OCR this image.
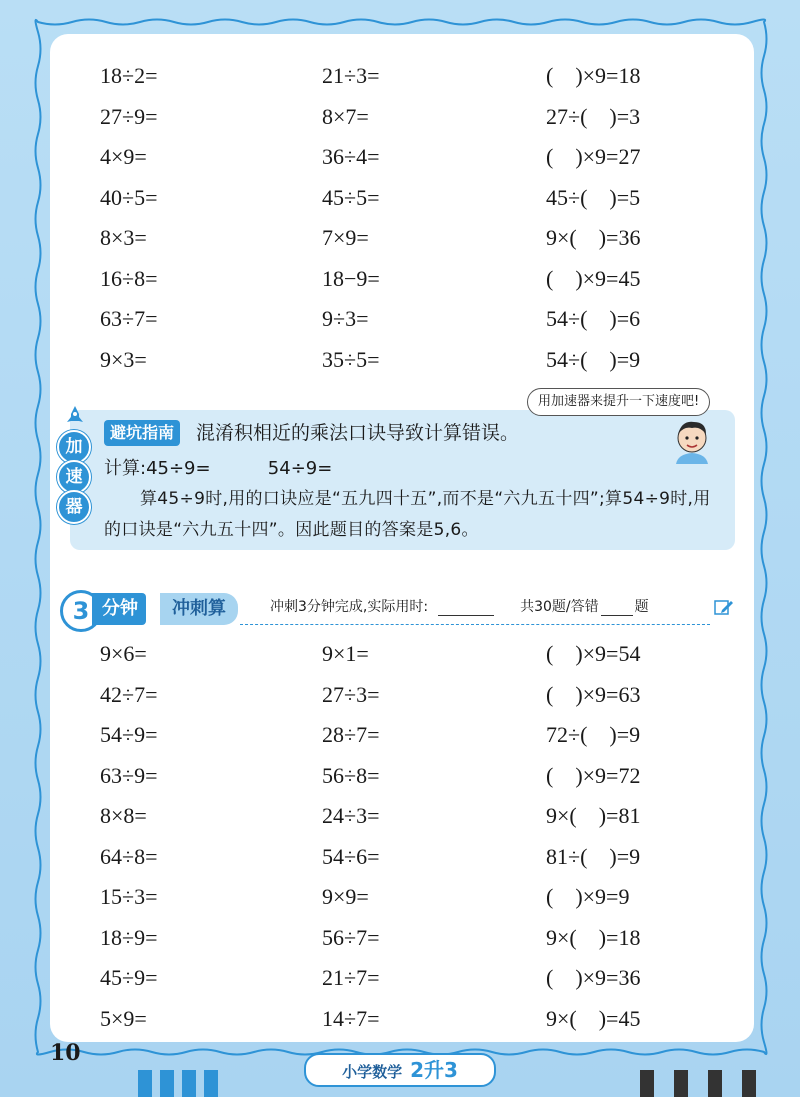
18÷2=	21÷3=	(    )×9=18
27÷9=	8×7=	27÷(    )=3
4×9=	36÷4=	(    )×9=27
40÷5=	45÷5=	45÷(    )=5
8×3=	7×9=	9×(    )=36
16÷8=	18−9=	(    )×9=45
63÷7=	9÷3=	54÷(    )=6
9×3=	35÷5=	54÷(    )=9
加
速
器
用加速器来提升一下速度吧!
避坑指南	混淆积相近的乘法口诀导致计算错误。
计算:45÷9=          54÷9=
算45÷9时,用的口诀应是“五九四十五”,而不是“六九五十四”;算54÷9时,用的口诀是“六九五十四”。因此题目的答案是5,6。
3 分钟	冲刺算	冲刺3分钟完成,实际用时:	共30题/答错	题
9×6=	9×1=	(    )×9=54
42÷7=	27÷3=	(    )×9=63
54÷9=	28÷7=	72÷(    )=9
63÷9=	56÷8=	(    )×9=72
8×8=	24÷3=	9×(    )=81
64÷8=	54÷6=	81÷(    )=9
15÷3=	9×9=	(    )×9=9
18÷9=	56÷7=	9×(    )=18
45÷9=	21÷7=	(    )×9=36
5×9=	14÷7=	9×(    )=45
10
小学数学 2升3
